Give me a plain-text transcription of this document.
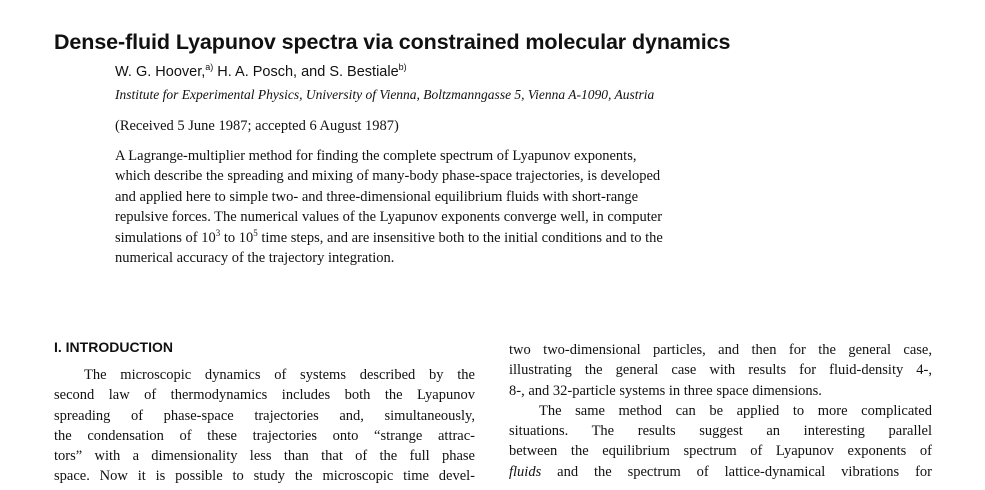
Dense-fluid Lyapunov spectra via constrained molecular dynamics
W. G. Hoover,$^{a)}$ H. A. Posch, and S. Bestiale$^{b)}$
Institute for Experimental Physics, University of Vienna, Boltzmanngasse 5, Vienna A-1090, Austria
(Received 5 June 1987; accepted 6 August 1987)
A Lagrange-multiplier method for finding the complete spectrum of Lyapunov exponents,
which describe the spreading and mixing of many-body phase-space trajectories, is developed
and applied here to simple two- and three-dimensional equilibrium fluids with short-range
repulsive forces. The numerical values of the Lyapunov exponents converge well, in computer
simulations of $10^3$ to $10^5$ time steps, and are insensitive both to the initial conditions and to the
numerical accuracy of the trajectory integration.
I. INTRODUCTION
The microscopic dynamics of systems described by the
second law of thermodynamics includes both the Lyapunov
spreading of phase-space trajectories and, simultaneously,
the condensation of these trajectories onto “strange attrac-
tors” with a dimensionality less than that of the full phase
space. Now it is possible to study the microscopic time devel-
two two-dimensional particles, and then for the general case,
illustrating the general case with results for fluid-density 4-,
8-, and 32-particle systems in three space dimensions.
The same method can be applied to more complicated
situations. The results suggest an interesting parallel
between the equilibrium spectrum of Lyapunov exponents of
fluids and the spectrum of lattice-dynamical vibrations for
